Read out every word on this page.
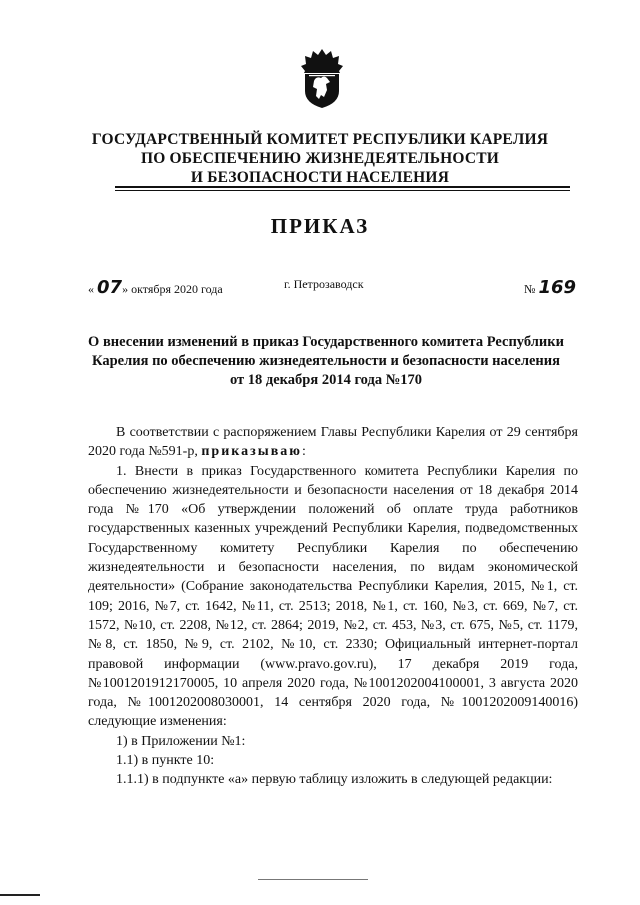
ГОСУДАРСТВЕННЫЙ КОМИТЕТ РЕСПУБЛИКИ КАРЕЛИЯ
ПО ОБЕСПЕЧЕНИЮ ЖИЗНЕДЕЯТЕЛЬНОСТИ
И БЕЗОПАСНОСТИ НАСЕЛЕНИЯ
ПРИКАЗ
« 07» октября 2020 года	г. Петрозаводск	№ 169
О внесении изменений в приказ Государственного комитета Республики
Карелия по обеспечению жизнедеятельности и безопасности населения
от 18 декабря 2014 года №170

В соответствии с распоряжением Главы Республики Карелия от 29 сентября 2020 года №591-р, приказываю:

1. Внести в приказ Государственного комитета Республики Карелия по обеспечению жизнедеятельности и безопасности населения от 18 декабря 2014 года №170 «Об утверждении положений об оплате труда работников государственных казенных учреждений Республики Карелия, подведомственных Государственному комитету Республики Карелия по обеспечению жизнедеятельности и безопасности населения, по видам экономической деятельности» (Собрание законодательства Республики Карелия, 2015, №1, ст. 109; 2016, №7, ст. 1642, №11, ст. 2513; 2018, №1, ст. 160, №3, ст. 669, №7, ст. 1572, №10, ст. 2208, №12, ст. 2864; 2019, №2, ст. 453, №3, ст. 675, №5, ст. 1179, №8, ст. 1850, №9, ст. 2102, №10, ст. 2330; Официальный интернет-портал правовой информации (www.pravo.gov.ru), 17 декабря 2019 года, №1001201912170005, 10 апреля 2020 года, №1001202004100001, 3 августа 2020 года, №1001202008030001, 14 сентября 2020 года, №1001202009140016) следующие изменения:

1) в Приложении №1:

1.1) в пункте 10:

1.1.1) в подпункте «а» первую таблицу изложить в следующей редакции:
